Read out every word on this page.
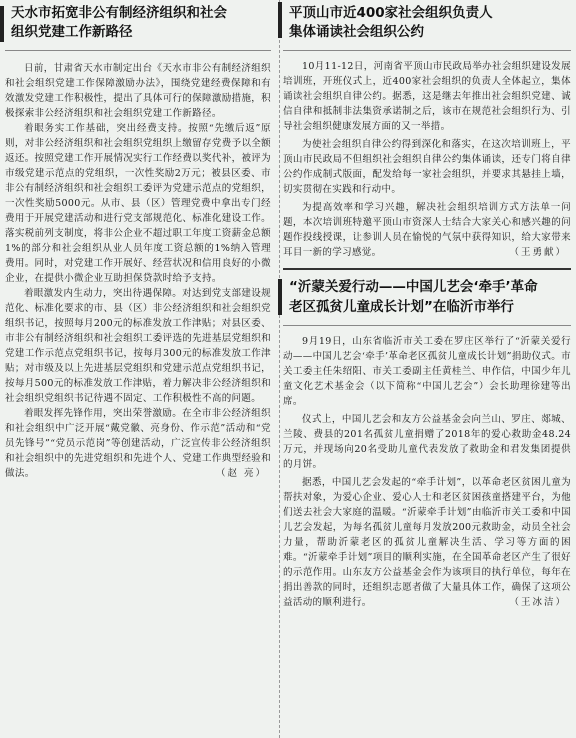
天水市拓宽非公有制经济组织和社会
组织党建工作新路径

日前，甘肃省天水市制定出台《天水市非公有制经济组织和社会组织党建工作保障激励办法》，围绕党建经费保障和有效激发党建工作积极性，提出了具体可行的保障激励措施，积极探索非公经济组织和社会组织党建工作新路径。

着眼务实工作基础，突出经费支持。按照“先缴后返”原则，对非公经济组织和社会组织党组织上缴留存党费予以全额返还。按照党建工作开展情况实行工作经费以奖代补，被评为市级党建示范点的党组织，一次性奖励2万元；被县区委、市非公有制经济组织和社会组织工委评为党建示范点的党组织，一次性奖励5000元。从市、县（区）管理党费中拿出专门经费用于开展党建活动和进行党支部规范化、标准化建设工作。落实税前列支制度，将非公企业不超过职工年度工资薪金总额1%的部分和社会组织从业人员年度工资总额的1%纳入管理费用。同时，对党建工作开展好、经营状况和信用良好的小微企业，在提供小微企业互助担保贷款时给予支持。

着眼激发内生动力，突出待遇保障。对达到党支部建设规范化、标准化要求的市、县（区）非公经济组织和社会组织党组织书记，按照每月200元的标准发放工作津贴；对县区委、市非公有制经济组织和社会组织工委评选的先进基层党组织和党建工作示范点党组织书记，按每月300元的标准发放工作津贴；对市级及以上先进基层党组织和党建示范点党组织书记，按每月500元的标准发放工作津贴，着力解决非公经济组织和社会组织党组织书记待遇不固定、工作积极性不高的问题。

着眼发挥先锋作用，突出荣誉激励。在全市非公经济组织和社会组织中广泛开展“戴党徽、亮身份、作示范”活动和“党员先锋号”“党员示范岗”等创建活动，广泛宣传非公经济组织和社会组织中的先进党组织和先进个人、党建工作典型经验和做法。	（赵 亮）

平顶山市近400家社会组织负责人
集体诵读社会组织公约

10月11-12日，河南省平顶山市民政局举办社会组织建设发展培训班，开班仪式上，近400家社会组织的负责人全体起立，集体诵读社会组织自律公约。据悉，这是继去年推出社会组织党建、诚信自律和抵制非法集资承诺制之后，该市在规范社会组织行为、引导社会组织健康发展方面的又一举措。

为使社会组织自律公约得到深化和落实，在这次培训班上，平顶山市民政局不但组织社会组织自律公约集体诵读，还专门将自律公约作成制式版面，配发给每一家社会组织，并要求其悬挂上墙，切实贯彻在实践和行动中。

为提高效率和学习兴趣，解决社会组织培训方式方法单一问题，本次培训班特邀平顶山市资深人士结合大家关心和感兴趣的问题作投线授课，让参训人员在愉悦的气氛中获得知识，给大家带来耳目一新的学习感觉。	（王勇献）

“沂蒙关爱行动——中国儿艺会‘牵手’革命
老区孤贫儿童成长计划”在临沂市举行

9月19日，山东省临沂市关工委在罗庄区举行了“沂蒙关爱行动——中国儿艺会‘牵手’革命老区孤贫儿童成长计划”捐助仪式。市关工委主任朱绍阳、市关工委副主任黄桂兰、申作信，中国少年儿童文化艺术基金会（以下简称“中国儿艺会”）会长助理徐建等出席。

仪式上，中国儿艺会和友方公益基金会向兰山、罗庄、郯城、兰陵、费县的201名孤贫儿童捐赠了2018年的爱心救助金48.24万元，并现场向20名受助儿童代表发放了救助金和君发集团提供的月饼。

据悉，中国儿艺会发起的“牵手计划”，以革命老区贫困儿童为帮扶对象，为爱心企业、爱心人士和老区贫困孩童搭建平台，为他们送去社会大家庭的温暖。“沂蒙牵手计划”由临沂市关工委和中国儿艺会发起，为每名孤贫儿童每月发放200元救助金，动员全社会力量，帮助沂蒙老区的孤贫儿童解决生活、学习等方面的困难。“沂蒙牵手计划”项目的顺利实施，在全国革命老区产生了很好的示范作用。山东友方公益基金会作为该项目的执行单位，每年在捐出善款的同时，还组织志愿者做了大量具体工作，确保了这项公益活动的顺利进行。	（王冰洁）
